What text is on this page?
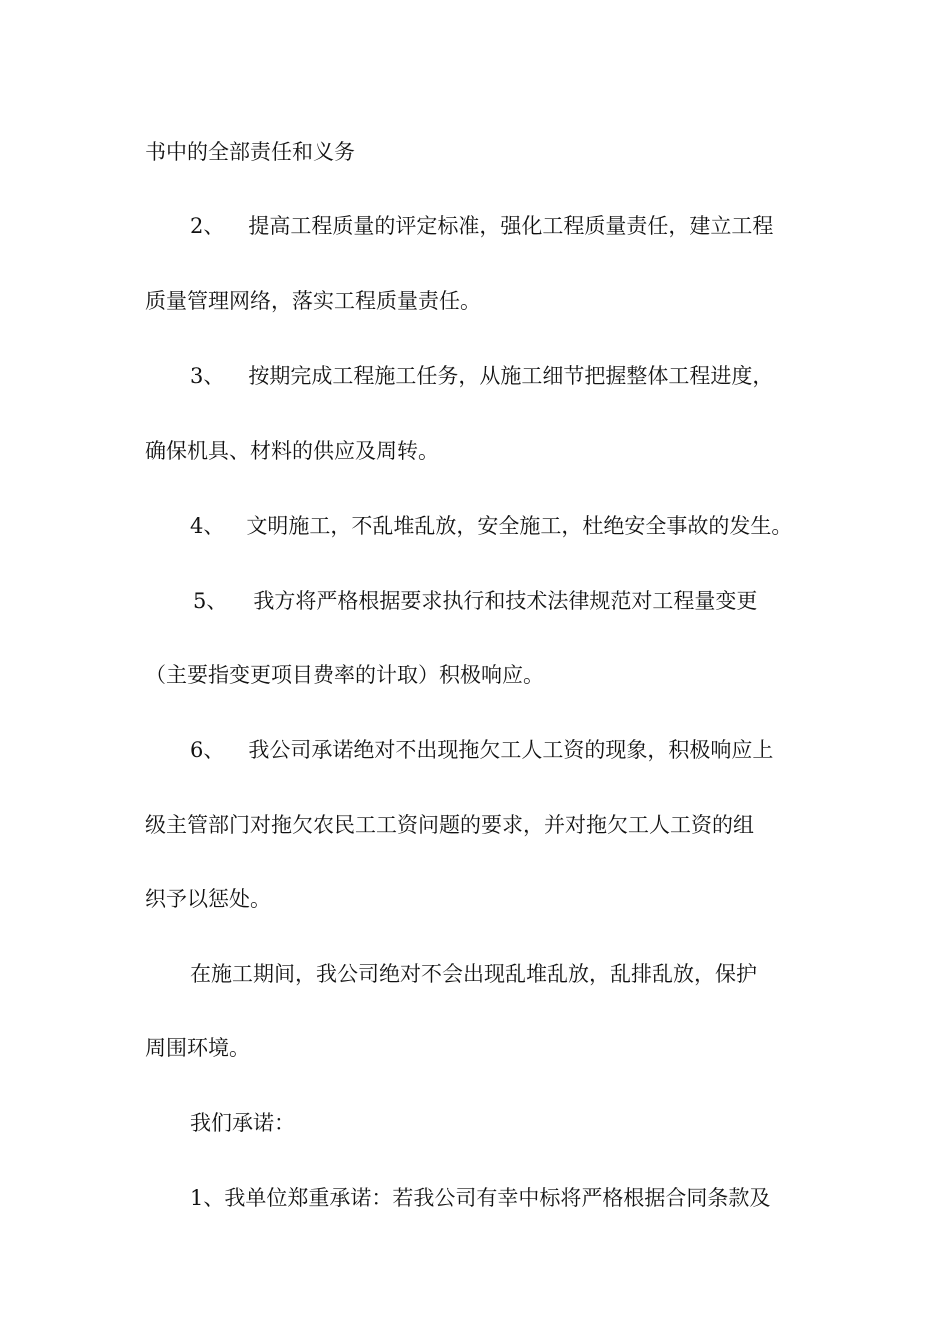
书中的全部责任和义务
2、 提高工程质量的评定标准，强化工程质量责任，建立工程
质量管理网络，落实工程质量责任。
3、 按期完成工程施工任务，从施工细节把握整体工程进度，
确保机具、材料的供应及周转。
4、 文明施工，不乱堆乱放，安全施工，杜绝安全事故的发生。
5、 我方将严格根据要求执行和技术法律规范对工程量变更
（主要指变更项目费率的计取）积极响应。
6、 我公司承诺绝对不出现拖欠工人工资的现象，积极响应上
级主管部门对拖欠农民工工资问题的要求，并对拖欠工人工资的组
织予以惩处。
在施工期间，我公司绝对不会出现乱堆乱放，乱排乱放，保护
周围环境。
我们承诺：
1、我单位郑重承诺：若我公司有幸中标将严格根据合同条款及
